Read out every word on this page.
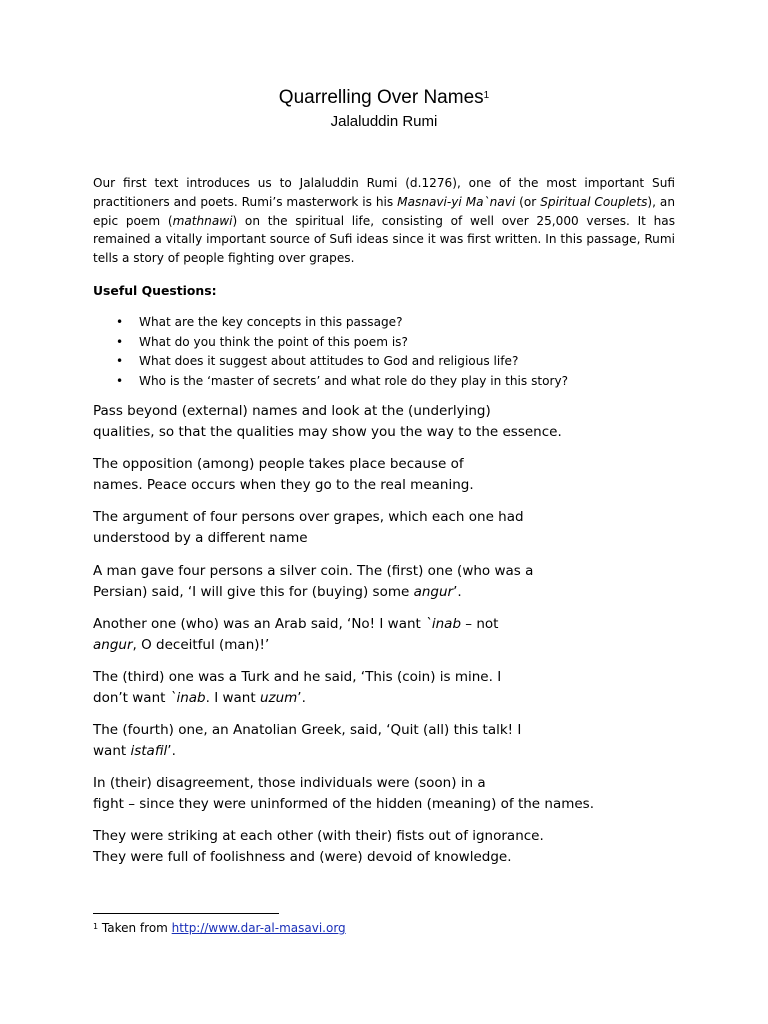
Quarrelling Over Names$^1$
Jalaluddin Rumi

Our first text introduces us to Jalaluddin Rumi (d.1276), one of the most important Sufi practitioners and poets. Rumi’s masterwork is his Masnavi-yi Ma`navi (or Spiritual Couplets), an epic poem (mathnawi) on the spiritual life, consisting of well over 25,000 verses. It has remained a vitally important source of Sufi ideas since it was first written. In this passage, Rumi tells a story of people fighting over grapes.

Useful Questions:

• What are the key concepts in this passage?
• What do you think the point of this poem is?
• What does it suggest about attitudes to God and religious life?
• Who is the ‘master of secrets’ and what role do they play in this story?

Pass beyond (external) names and look at the (underlying)
qualities, so that the qualities may show you the way to the essence.

The opposition (among) people takes place because of
names. Peace occurs when they go to the real meaning.

The argument of four persons over grapes, which each one had
understood by a different name

A man gave four persons a silver coin. The (first) one (who was a
Persian) said, ‘I will give this for (buying) some angur’.

Another one (who) was an Arab said, ‘No! I want `inab – not
angur, O deceitful (man)!’

The (third) one was a Turk and he said, ‘This (coin) is mine. I
don’t want `inab. I want uzum’.

The (fourth) one, an Anatolian Greek, said, ‘Quit (all) this talk! I
want istafil’.

In (their) disagreement, those individuals were (soon) in a
fight – since they were uninformed of the hidden (meaning) of the names.

They were striking at each other (with their) fists out of ignorance.
They were full of foolishness and (were) devoid of knowledge.

$^1$ Taken from http://www.dar-al-masavi.org
